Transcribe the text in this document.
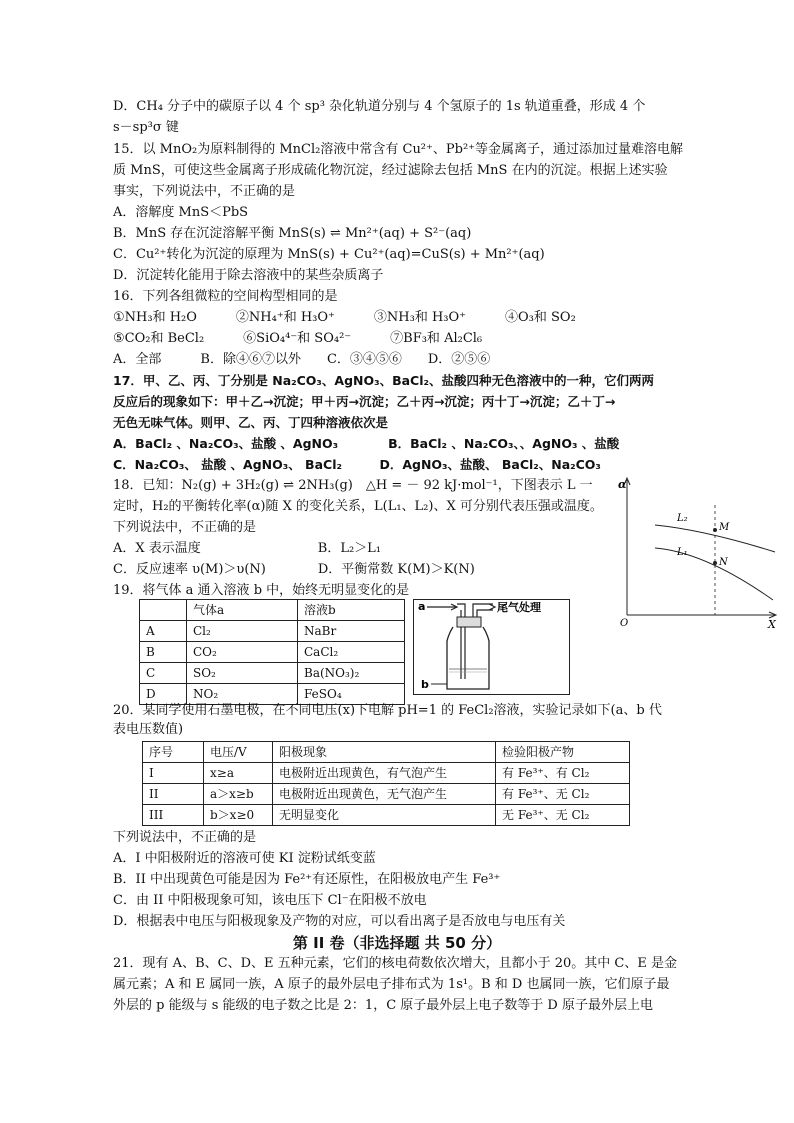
D．CH₄ 分子中的碳原子以 4 个 sp³ 杂化轨道分别与 4 个氢原子的 1s 轨道重叠，形成 4 个
s－sp³σ 键
15．以 MnO₂为原料制得的 MnCl₂溶液中常含有 Cu²⁺、Pb²⁺等金属离子，通过添加过量难溶电解
质 MnS，可使这些金属离子形成硫化物沉淀，经过滤除去包括 MnS 在内的沉淀。根据上述实验
事实，下列说法中，不正确的是
A．溶解度 MnS＜PbS
B．MnS 存在沉淀溶解平衡 MnS(s) ⇌ Mn²⁺(aq) + S²⁻(aq)
C．Cu²⁺转化为沉淀的原理为 MnS(s) + Cu²⁺(aq)=CuS(s) + Mn²⁺(aq)
D．沉淀转化能用于除去溶液中的某些杂质离子
16．下列各组微粒的空间构型相同的是
①NH₃和 H₂O　　　②NH₄⁺和 H₃O⁺　　　③NH₃和 H₃O⁺　　　④O₃和 SO₂
⑤CO₂和 BeCl₂　　　⑥SiO₄⁴⁻和 SO₄²⁻　　　⑦BF₃和 Al₂Cl₆
A．全部　　　B．除④⑥⑦以外　　C．③④⑤⑥　　D．②⑤⑥
17．甲、乙、丙、丁分别是 Na₂CO₃、AgNO₃、BaCl₂、盐酸四种无色溶液中的一种，它们两两
反应后的现象如下：甲＋乙→沉淀；甲＋丙→沉淀；乙＋丙→沉淀；丙十丁→沉淀；乙＋丁→
无色无味气体。则甲、乙、丙、丁四种溶液依次是
A．BaCl₂ 、Na₂CO₃、盐酸 、AgNO₃　　　　B．BaCl₂ 、Na₂CO₃、、AgNO₃ 、盐酸
C．Na₂CO₃、 盐酸 、AgNO₃、 BaCl₂　　　D．AgNO₃、盐酸、 BaCl₂、Na₂CO₃
18．已知：N₂(g) + 3H₂(g) ⇌ 2NH₃(g)　△H = － 92 kJ·mol⁻¹，下图表示 L 一
定时，H₂的平衡转化率(α)随 X 的变化关系，L(L₁、L₂)、X 可分别代表压强或温度。
下列说法中，不正确的是
A．X 表示温度　　　　　　　　　B．L₂＞L₁
C．反应速率 υ(M)＞υ(N)　　　　D．平衡常数 K(M)＞K(N)
19．将气体 a 通入溶液 b 中，始终无明显变化的是
	气体a	溶液b
A	Cl₂	NaBr
B	CO₂	CaCl₂
C	SO₂	Ba(NO₃)₂
D	NO₂	FeSO₄
a	尾气处理
b
20．某同学使用石墨电极，在不同电压(x)下电解 pH=1 的 FeCl₂溶液，实验记录如下(a、b 代
表电压数值)
序号	电压/V	阳极现象	检验阳极产物
I	x≥a	电极附近出现黄色，有气泡产生	有 Fe³⁺、有 Cl₂
II	a＞x≥b	电极附近出现黄色，无气泡产生	有 Fe³⁺、无 Cl₂
III	b＞x≥0	无明显变化	无 Fe³⁺、无 Cl₂
下列说法中，不正确的是
A．I 中阳极附近的溶液可使 KI 淀粉试纸变蓝
B．II 中出现黄色可能是因为 Fe²⁺有还原性，在阳极放电产生 Fe³⁺
C．由 II 中阳极现象可知，该电压下 Cl⁻在阳极不放电
D．根据表中电压与阳极现象及产物的对应，可以看出离子是否放电与电压有关
第 II 卷（非选择题 共 50 分）
21．现有 A、B、C、D、E 五种元素，它们的核电荷数依次增大，且都小于 20。其中 C、E 是金
属元素；A 和 E 属同一族，A 原子的最外层电子排布式为 1s¹。B 和 D 也属同一族，它们原子最
外层的 p 能级与 s 能级的电子数之比是 2：1，C 原子最外层上电子数等于 D 原子最外层上电
α
X
O
L₂
L₁
M
N
